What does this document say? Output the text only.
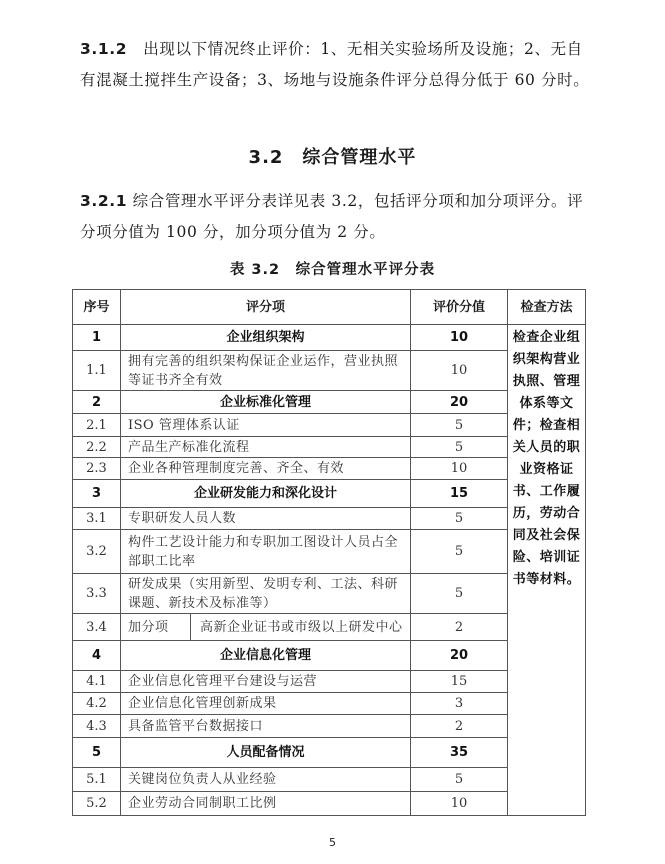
3.1.2　 出现以下情况终止评价：1、无相关实验场所及设施；2、无自
有混凝土搅拌生产设备；3、场地与设施条件评分总得分低于 60 分时。
3.2　综合管理水平
3.2.1 综合管理水平评分表详见表 3.2，包括评分项和加分项评分。评
分项分值为 100 分，加分项分值为 2 分。
表 3.2　综合管理水平评分表
序号	评分项	评价分值	检查方法
1	企业组织架构	10	检查企业组织架构营业执照、管理体系等文件；检查相关人员的职业资格证书、工作履历，劳动合同及社会保险、培训证书等材料。
1.1	拥有完善的组织架构保证企业运作，营业执照等证书齐全有效	10	
2	企业标准化管理	20	
2.1	ISO 管理体系认证	5	
2.2	产品生产标准化流程	5	
2.3	企业各种管理制度完善、齐全、有效	10	
3	企业研发能力和深化设计	15	
3.1	专职研发人员人数	5	
3.2	构件工艺设计能力和专职加工图设计人员占全部职工比率	5	
3.3	研发成果（实用新型、发明专利、工法、科研课题、新技术及标准等）	5	
3.4	加分项 高新企业证书或市级以上研发中心	2	
4	企业信息化管理	20	
4.1	企业信息化管理平台建设与运营	15	
4.2	企业信息化管理创新成果	3	
4.3	具备监管平台数据接口	2	
5	人员配备情况	35	
5.1	关键岗位负责人从业经验	5	
5.2	企业劳动合同制职工比例	10	
5
